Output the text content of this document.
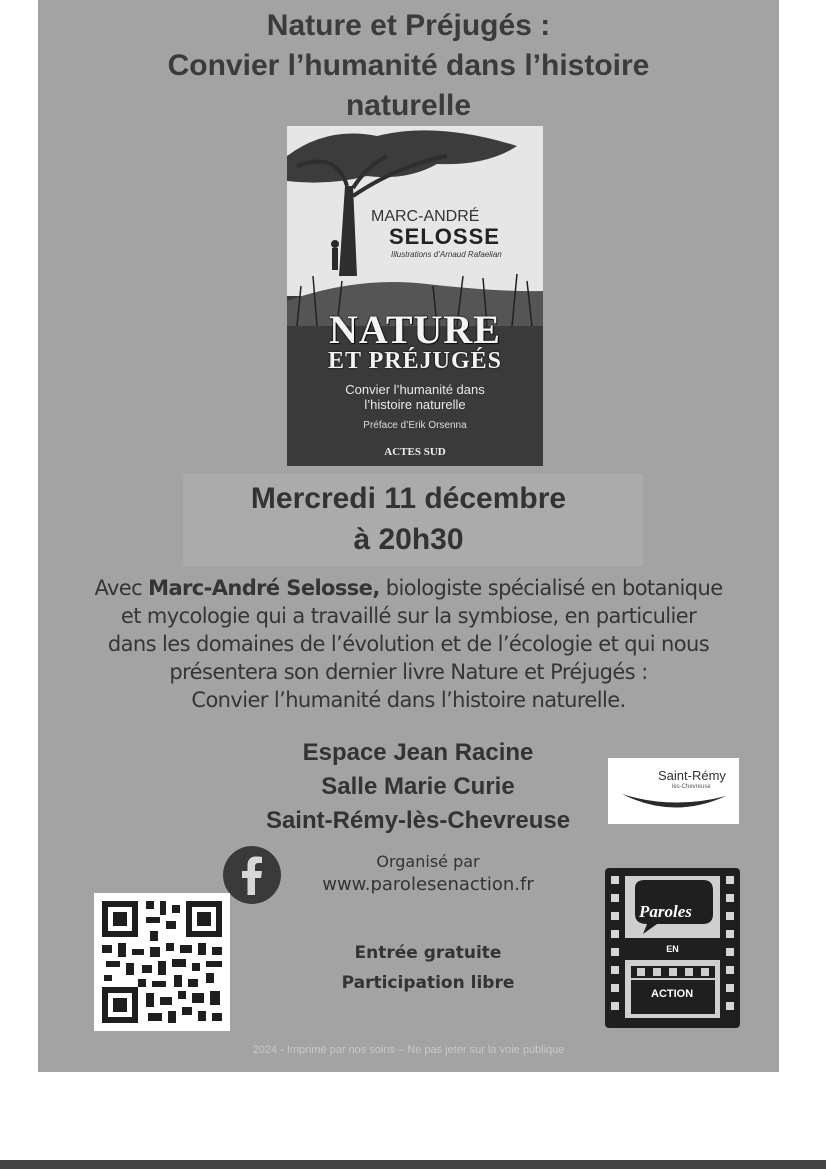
Nature et Préjugés :
Convier l’humanité dans l’histoire
naturelle
MARC-ANDRÉ
SELOSSE
Illustrations d’Arnaud Rafaelian
NATURE
ET PRÉJUGÉS
Convier l’humanité dans
l’histoire naturelle
Préface d’Erik Orsenna
ACTES SUD
Mercredi 11 décembre
à 20h30
Avec Marc-André Selosse, biologiste spécialisé en botanique
et mycologie qui a travaillé sur la symbiose, en particulier
dans les domaines de l’évolution et de l’écologie et qui nous
présentera son dernier livre Nature et Préjugés :
Convier l’humanité dans l’histoire naturelle.
Espace Jean Racine
Salle Marie Curie
Saint-Rémy-lès-Chevreuse
Saint-Rémy
lès-Chevreuse
Organisé par
www.parolesenaction.fr
Entrée gratuite
Participation libre
Paroles
EN
ACTION
2024 - Imprimé par nos soins – Ne pas jeter sur la voie publique
